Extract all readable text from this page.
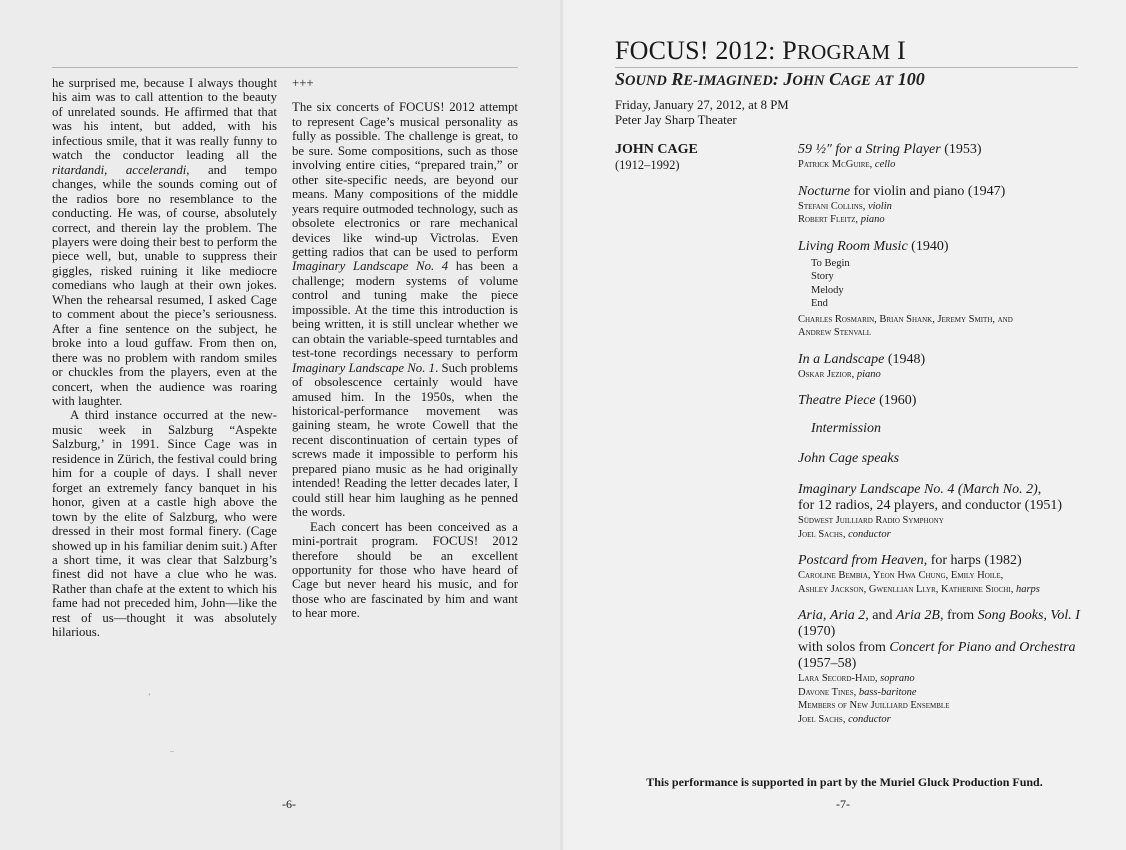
he surprised me, because I always thought his aim was to call attention to the beauty of unrelated sounds. He affirmed that that was his intent, but added, with his infectious smile, that it was really funny to watch the conductor leading all the ritardandi, accelerandi, and tempo changes, while the sounds coming out of the radios bore no resemblance to the conducting. He was, of course, absolutely correct, and therein lay the problem. The players were doing their best to perform the piece well, but, unable to suppress their giggles, risked ruining it like mediocre comedians who laugh at their own jokes. When the rehearsal resumed, I asked Cage to comment about the piece’s seriousness. After a fine sentence on the subject, he broke into a loud guffaw. From then on, there was no problem with random smiles or chuckles from the players, even at the concert, when the audience was roaring with laughter.

A third instance occurred at the new-music week in Salzburg “Aspekte Salzburg,’ in 1991. Since Cage was in residence in Zürich, the festival could bring him for a couple of days. I shall never forget an extremely fancy banquet in his honor, given at a castle high above the town by the elite of Salzburg, who were dressed in their most formal finery. (Cage showed up in his familiar denim suit.) After a short time, it was clear that Salzburg’s finest did not have a clue who he was. Rather than chafe at the extent to which his fame had not preceded him, John—like the rest of us—thought it was absolutely hilarious.

+++

The six concerts of FOCUS! 2012 attempt to represent Cage’s musical personality as fully as possible. The challenge is great, to be sure. Some compositions, such as those involving entire cities, “prepared train,” or other site-specific needs, are beyond our means. Many compositions of the middle years require outmoded technology, such as obsolete electronics or rare mechanical devices like wind-up Victrolas. Even getting radios that can be used to perform Imaginary Landscape No. 4 has been a challenge; modern systems of volume control and tuning make the piece impossible. At the time this introduction is being written, it is still unclear whether we can obtain the variable-speed turntables and test-tone recordings necessary to perform Imaginary Landscape No. 1. Such problems of obsolescence certainly would have amused him. In the 1950s, when the historical-performance movement was gaining steam, he wrote Cowell that the recent discontinuation of certain types of screws made it impossible to perform his prepared piano music as he had originally intended! Reading the letter decades later, I could still hear him laughing as he penned the words.

Each concert has been conceived as a mini-portrait program. FOCUS! 2012 therefore should be an excellent opportunity for those who have heard of Cage but never heard his music, and for those who are fascinated by him and want to hear more.

ʼ
..
-6-
FOCUS! 2012: PROGRAM I
SOUND RE-IMAGINED: JOHN CAGE AT 100
Friday, January 27, 2012, at 8 PM
Peter Jay Sharp Theater
JOHN CAGE
(1912–1992)
59 ½″ for a String Player (1953)
Patrick McGuire, cello
Nocturne for violin and piano (1947)
Stefani Collins, violin
Robert Fleitz, piano
Living Room Music (1940)
To Begin
Story
Melody
End
Charles Rosmarin, Brian Shank, Jeremy Smith, and
Andrew Stenvall
In a Landscape (1948)
Oskar Jezior, piano
Theatre Piece (1960)
Intermission
John Cage speaks
Imaginary Landscape No. 4 (March No. 2),
for 12 radios, 24 players, and conductor (1951)
Südwest Juilliard Radio Symphony
Joel Sachs, conductor
Postcard from Heaven, for harps (1982)
Caroline Bembia, Yeon Hwa Chung, Emily Hoile,
Ashley Jackson, Gwenllian Llyr, Katherine Siochi, harps
Aria, Aria 2, and Aria 2B, from Song Books, Vol. I (1970)
with solos from Concert for Piano and Orchestra
(1957–58)
Lara Secord-Haid, soprano
Davone Tines, bass-baritone
Members of New Juilliard Ensemble
Joel Sachs, conductor
This performance is supported in part by the Muriel Gluck Production Fund.
-7-
